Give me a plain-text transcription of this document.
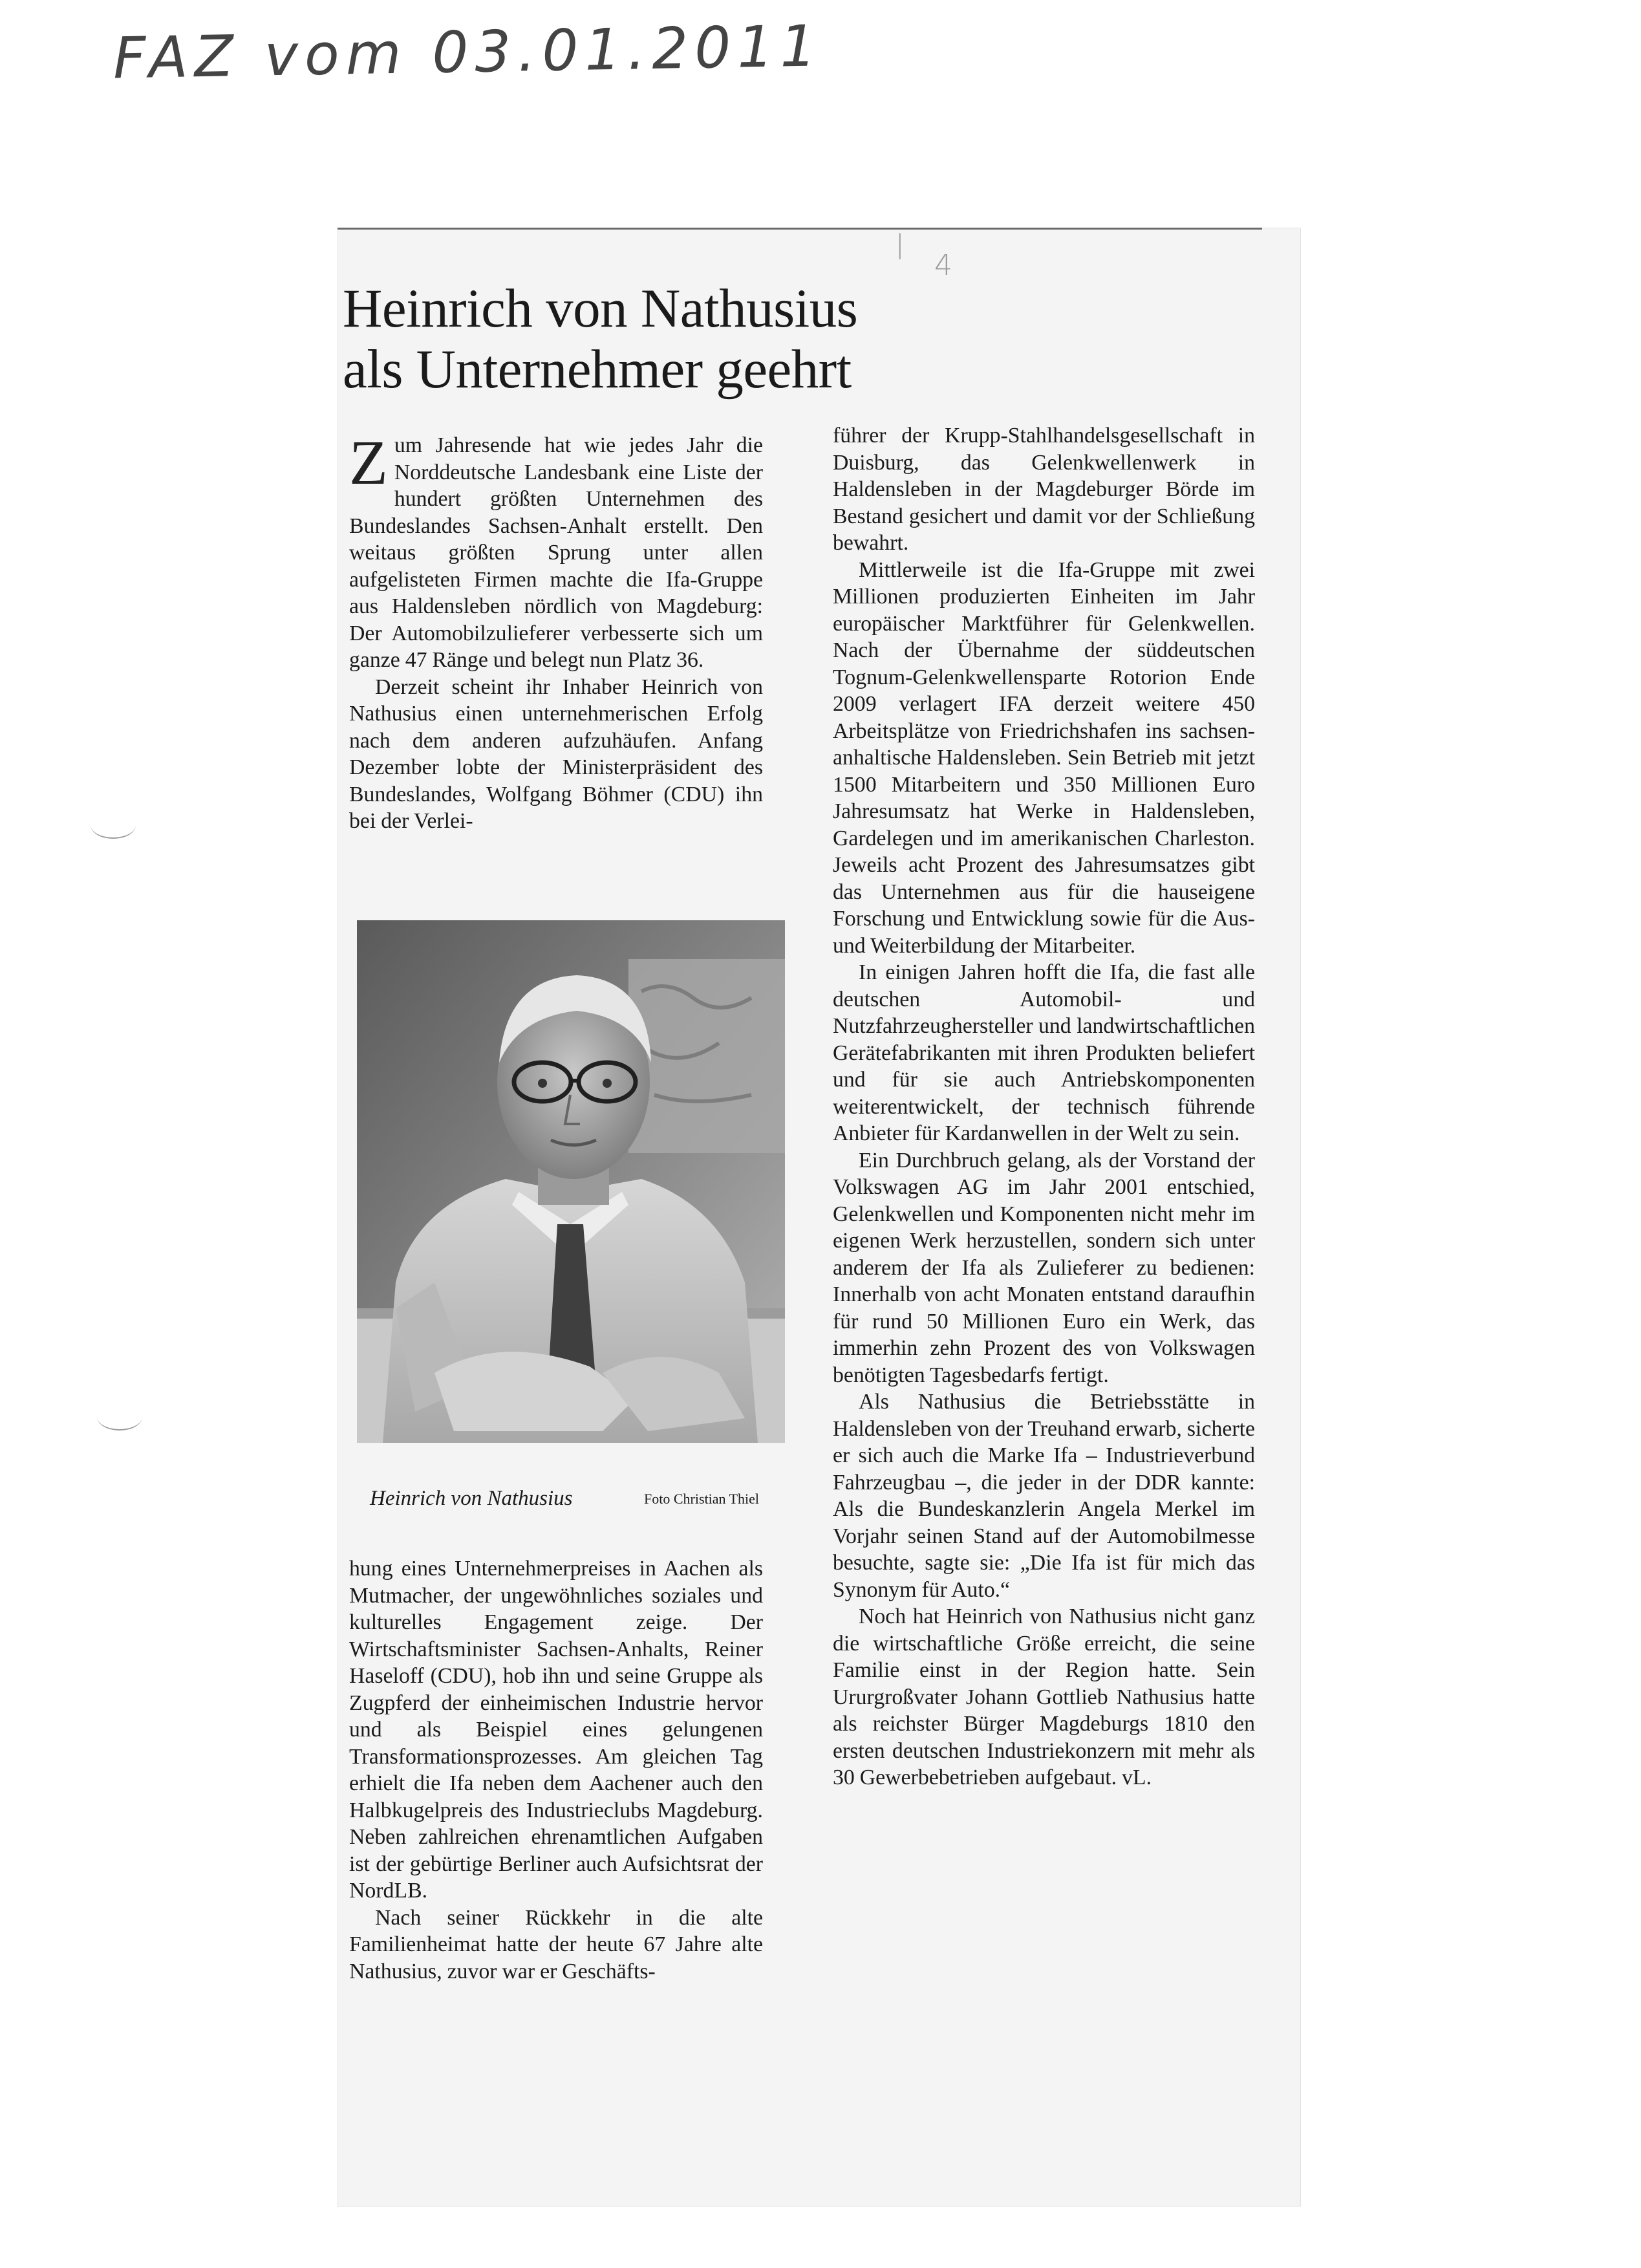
FAZ vom 03.01.2011
|
4
Heinrich von Nathusius
als Unternehmer geehrt

Zum Jahresende hat wie jedes Jahr die Norddeutsche Landesbank eine Liste der hundert größten Unternehmen des Bundeslandes Sachsen-Anhalt erstellt. Den weitaus größten Sprung unter allen aufgelisteten Firmen machte die Ifa-Gruppe aus Haldensleben nördlich von Magdeburg: Der Automobilzulieferer verbesserte sich um ganze 47 Ränge und belegt nun Platz 36.

Derzeit scheint ihr Inhaber Heinrich von Nathusius einen unternehmerischen Erfolg nach dem anderen aufzuhäufen. Anfang Dezember lobte der Ministerpräsident des Bundeslandes, Wolfgang Böhmer (CDU) ihn bei der Verlei-

Heinrich von Nathusius	Foto Christian Thiel

hung eines Unternehmerpreises in Aachen als Mutmacher, der ungewöhnliches soziales und kulturelles Engagement zeige. Der Wirtschaftsminister Sachsen-Anhalts, Reiner Haseloff (CDU), hob ihn und seine Gruppe als Zugpferd der einheimischen Industrie hervor und als Beispiel eines gelungenen Transformationsprozesses. Am gleichen Tag erhielt die Ifa neben dem Aachener auch den Halbkugelpreis des Industrieclubs Magdeburg. Neben zahlreichen ehrenamtlichen Aufgaben ist der gebürtige Berliner auch Aufsichtsrat der NordLB.

Nach seiner Rückkehr in die alte Familienheimat hatte der heute 67 Jahre alte Nathusius, zuvor war er Geschäfts-

führer der Krupp-Stahlhandelsgesellschaft in Duisburg, das Gelenkwellenwerk in Haldensleben in der Magdeburger Börde im Bestand gesichert und damit vor der Schließung bewahrt.

Mittlerweile ist die Ifa-Gruppe mit zwei Millionen produzierten Einheiten im Jahr europäischer Marktführer für Gelenkwellen. Nach der Übernahme der süddeutschen Tognum-Gelenkwellensparte Rotorion Ende 2009 verlagert IFA derzeit weitere 450 Arbeitsplätze von Friedrichshafen ins sachsen-anhaltische Haldensleben. Sein Betrieb mit jetzt 1500 Mitarbeitern und 350 Millionen Euro Jahresumsatz hat Werke in Haldensleben, Gardelegen und im amerikanischen Charleston. Jeweils acht Prozent des Jahresumsatzes gibt das Unternehmen aus für die hauseigene Forschung und Entwicklung sowie für die Aus- und Weiterbildung der Mitarbeiter.

In einigen Jahren hofft die Ifa, die fast alle deutschen Automobil- und Nutzfahrzeughersteller und landwirtschaftlichen Gerätefabrikanten mit ihren Produkten beliefert und für sie auch Antriebskomponenten weiterentwickelt, der technisch führende Anbieter für Kardanwellen in der Welt zu sein.

Ein Durchbruch gelang, als der Vorstand der Volkswagen AG im Jahr 2001 entschied, Gelenkwellen und Komponenten nicht mehr im eigenen Werk herzustellen, sondern sich unter anderem der Ifa als Zulieferer zu bedienen: Innerhalb von acht Monaten entstand daraufhin für rund 50 Millionen Euro ein Werk, das immerhin zehn Prozent des von Volkswagen benötigten Tagesbedarfs fertigt.

Als Nathusius die Betriebsstätte in Haldensleben von der Treuhand erwarb, sicherte er sich auch die Marke Ifa – Industrieverbund Fahrzeugbau –, die jeder in der DDR kannte: Als die Bundeskanzlerin Angela Merkel im Vorjahr seinen Stand auf der Automobilmesse besuchte, sagte sie: „Die Ifa ist für mich das Synonym für Auto.“

Noch hat Heinrich von Nathusius nicht ganz die wirtschaftliche Größe erreicht, die seine Familie einst in der Region hatte. Sein Ururgroßvater Johann Gottlieb Nathusius hatte als reichster Bürger Magdeburgs 1810 den ersten deutschen Industriekonzern mit mehr als 30 Gewerbebetrieben aufgebaut. vL.
